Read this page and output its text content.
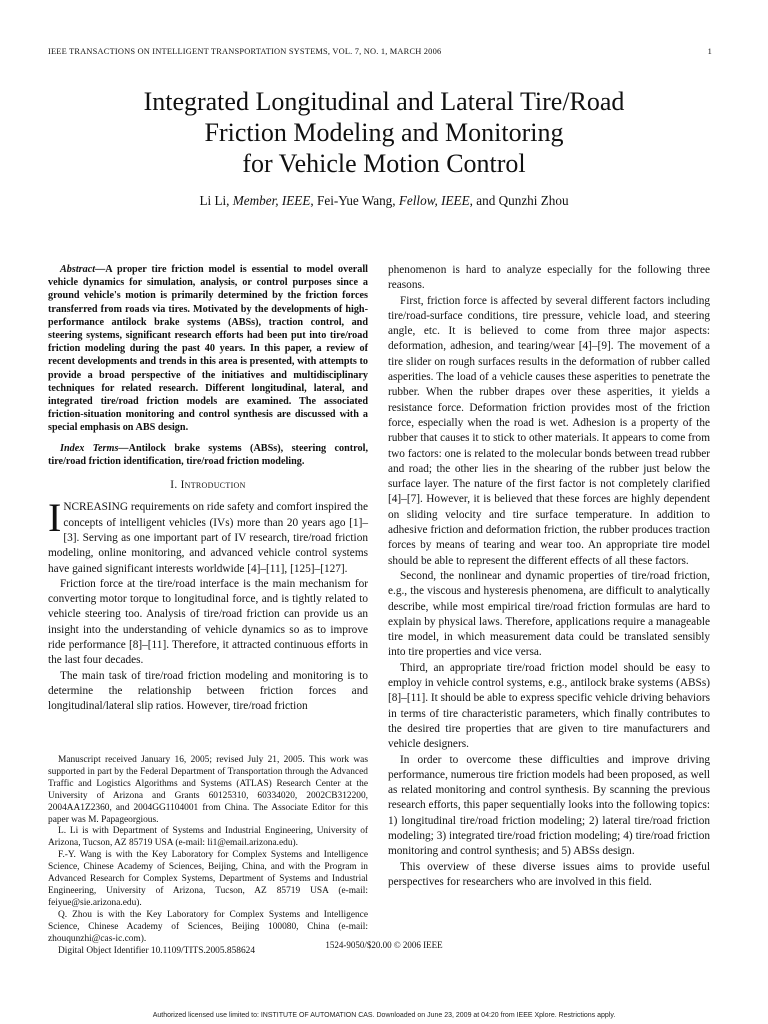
IEEE TRANSACTIONS ON INTELLIGENT TRANSPORTATION SYSTEMS, VOL. 7, NO. 1, MARCH 2006	1
Integrated Longitudinal and Lateral Tire/Road
Friction Modeling and Monitoring
for Vehicle Motion Control
Li Li, Member, IEEE, Fei-Yue Wang, Fellow, IEEE, and Qunzhi Zhou

Abstract—A proper tire friction model is essential to model overall vehicle dynamics for simulation, analysis, or control purposes since a ground vehicle's motion is primarily determined by the friction forces transferred from roads via tires. Motivated by the developments of high-performance antilock brake systems (ABSs), traction control, and steering systems, significant research efforts had been put into tire/road friction modeling during the past 40 years. In this paper, a review of recent developments and trends in this area is presented, with attempts to provide a broad perspective of the initiatives and multidisciplinary techniques for related research. Different longitudinal, lateral, and integrated tire/road friction models are examined. The associated friction-situation monitoring and control synthesis are discussed with a special emphasis on ABS design.

Index Terms—Antilock brake systems (ABSs), steering control, tire/road friction identification, tire/road friction modeling.

I. Introduction

INCREASING requirements on ride safety and comfort inspired the concepts of intelligent vehicles (IVs) more than 20 years ago [1]–[3]. Serving as one important part of IV research, tire/road friction modeling, online monitoring, and advanced vehicle control systems have gained significant interests worldwide [4]–[11], [125]–[127].

Friction force at the tire/road interface is the main mechanism for converting motor torque to longitudinal force, and is tightly related to vehicle steering too. Analysis of tire/road friction can provide us an insight into the understanding of vehicle dynamics so as to improve ride performance [8]–[11]. Therefore, it attracted continuous efforts in the last four decades.

The main task of tire/road friction modeling and monitoring is to determine the relationship between friction forces and longitudinal/lateral slip ratios. However, tire/road friction

Manuscript received January 16, 2005; revised July 21, 2005. This work was supported in part by the Federal Department of Transportation through the Advanced Traffic and Logistics Algorithms and Systems (ATLAS) Research Center at the University of Arizona and Grants 60125310, 60334020, 2002CB312200, 2004AA1Z2360, and 2004GG1104001 from China. The Associate Editor for this paper was M. Papageorgious.

L. Li is with Department of Systems and Industrial Engineering, University of Arizona, Tucson, AZ 85719 USA (e-mail: li1@email.arizona.edu).

F.-Y. Wang is with the Key Laboratory for Complex Systems and Intelligence Science, Chinese Academy of Sciences, Beijing, China, and with the Program in Advanced Research for Complex Systems, Department of Systems and Industrial Engineering, University of Arizona, Tucson, AZ 85719 USA (e-mail: feiyue@sie.arizona.edu).

Q. Zhou is with the Key Laboratory for Complex Systems and Intelligence Science, Chinese Academy of Sciences, Beijing 100080, China (e-mail: zhouqunzhi@cas-ic.com).

Digital Object Identifier 10.1109/TITS.2005.858624

phenomenon is hard to analyze especially for the following three reasons.

First, friction force is affected by several different factors including tire/road-surface conditions, tire pressure, vehicle load, and steering angle, etc. It is believed to come from three major aspects: deformation, adhesion, and tearing/wear [4]–[9]. The movement of a tire slider on rough surfaces results in the deformation of rubber called asperities. The load of a vehicle causes these asperities to penetrate the rubber. When the rubber drapes over these asperities, it yields a resistance force. Deformation friction provides most of the friction force, especially when the road is wet. Adhesion is a property of the rubber that causes it to stick to other materials. It appears to come from two factors: one is related to the molecular bonds between tread rubber and road; the other lies in the shearing of the rubber just below the surface layer. The nature of the first factor is not completely clarified [4]–[7]. However, it is believed that these forces are highly dependent on sliding velocity and tire surface temperature. In addition to adhesive friction and deformation friction, the rubber produces traction forces by means of tearing and wear too. An appropriate tire model should be able to represent the different effects of all these factors.

Second, the nonlinear and dynamic properties of tire/road friction, e.g., the viscous and hysteresis phenomena, are difficult to analytically describe, while most empirical tire/road friction formulas are hard to explain by physical laws. Therefore, applications require a manageable tire model, in which measurement data could be translated sensibly into tire properties and vice versa.

Third, an appropriate tire/road friction model should be easy to employ in vehicle control systems, e.g., antilock brake systems (ABSs) [8]–[11]. It should be able to express specific vehicle driving behaviors in terms of tire characteristic parameters, which finally contributes to the desired tire properties that are given to tire manufacturers and vehicle designers.

In order to overcome these difficulties and improve driving performance, numerous tire friction models had been proposed, as well as related monitoring and control synthesis. By scanning the previous research efforts, this paper sequentially looks into the following topics: 1) longitudinal tire/road friction modeling; 2) lateral tire/road friction modeling; 3) integrated tire/road friction modeling; 4) tire/road friction monitoring and control synthesis; and 5) ABSs design.

This overview of these diverse issues aims to provide useful perspectives for researchers who are involved in this field.

1524-9050/$20.00 © 2006 IEEE
Authorized licensed use limited to: INSTITUTE OF AUTOMATION CAS. Downloaded on June 23, 2009 at 04:20 from IEEE Xplore. Restrictions apply.
